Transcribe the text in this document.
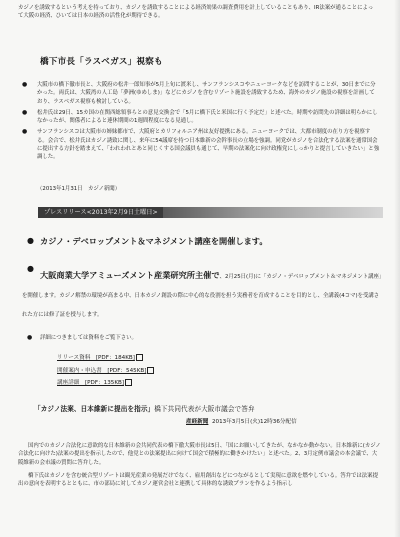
カジノを誘致するという考えを持っており、カジノを誘致することによる経済効果の調査費用を計上していることもあり、IR法案が通ることによって大阪の経済、ひいては日本の経済の活性化が期待できる。
橋下市長「ラスベガス」視察も
● 大阪市の橋下徹市長と、大阪府の松井一郎知事が5月上旬に渡米し、サンフランシスコやニューヨークなどを訪問することが、30日までに分かった。両氏は、大阪湾の人工島「夢洲(ゆめしま)」などにカジノを含むリゾート施設を誘致するため、海外のカジノ施設の視察を計画しており、ラスベガス視察も検討している。
● 松井氏は29日、15カ国の在関西総領事らとの意見交換会で「5月に橋下氏と米国に行く予定だ」と述べた。時期や訪問先の詳細は明らかにしなかったが、関係者によると連休期間の1週間程度になる見通し。
● サンフランシスコは大阪市の姉妹都市で、大阪府とカリフォルニア州は友好提携にある。ニューヨークでは、大都市制度の在り方を視察する。会合で、松井氏はカジノ誘致に関し、来年に54議席を持つ日本維新の会幹事長の立場を強調。同党がカジノを合法化する法案を通常国会に提出する方針を踏まえて、「われわれとあと同じくする国会議員も通じて、早期の法案化に向け政権党にしっかりと提言していきたい」と強調した。
（2013年1月31日　カジノ新聞）
プレスリリース<2013年2月9日土曜日>
● カジノ・デベロップメント＆マネジメント講座を開催します。
●
大阪商業大学アミューズメント産業研究所主催で、2月25日(月)に「カジノ・デベロップメント＆マネジメント講座」を開催します。カジノ解禁の環境が高まる中、日本カジノ創設の際に中心的な役割を担う実務者を育成することを目的とし、全講義(4コマ)を受講された方には修了証を授与します。
●	詳細につきましては資料をご覧下さい。
リリース資料　[PDF：184KB]
開催案内・申込書　[PDF：545KB]
講座詳細　[PDF：135KB]
「カジノ法案、日本維新に提出を指示」橋下共同代表が大阪市議会で答弁
産経新聞 2013年3月5日(火)12時36分配信

国内でのカジノ合法化に意欲的な日本維新の会共同代表の橋下徹大阪市長は5日、「国にお願いしてきたが、なかなか動かない。日本維新に(カジノ合法化に向けた)法案の提出を指示したので、他党との法案提出に向けて国会で積極的に働きかけたい」と述べた。2、3月定例市議会の本会議で、大阪維新の会市議の質問に答弁した。

橋下氏はカジノを含む統合型リゾートは観光産業の発展だけでなく、雇用創出などにつながるとして実現に意欲を燃やしている。答弁では法案提出の意向を表明するとともに、市の部局に対してカジノ運営会社と連携して具体的な誘致プランを作るよう指示し
